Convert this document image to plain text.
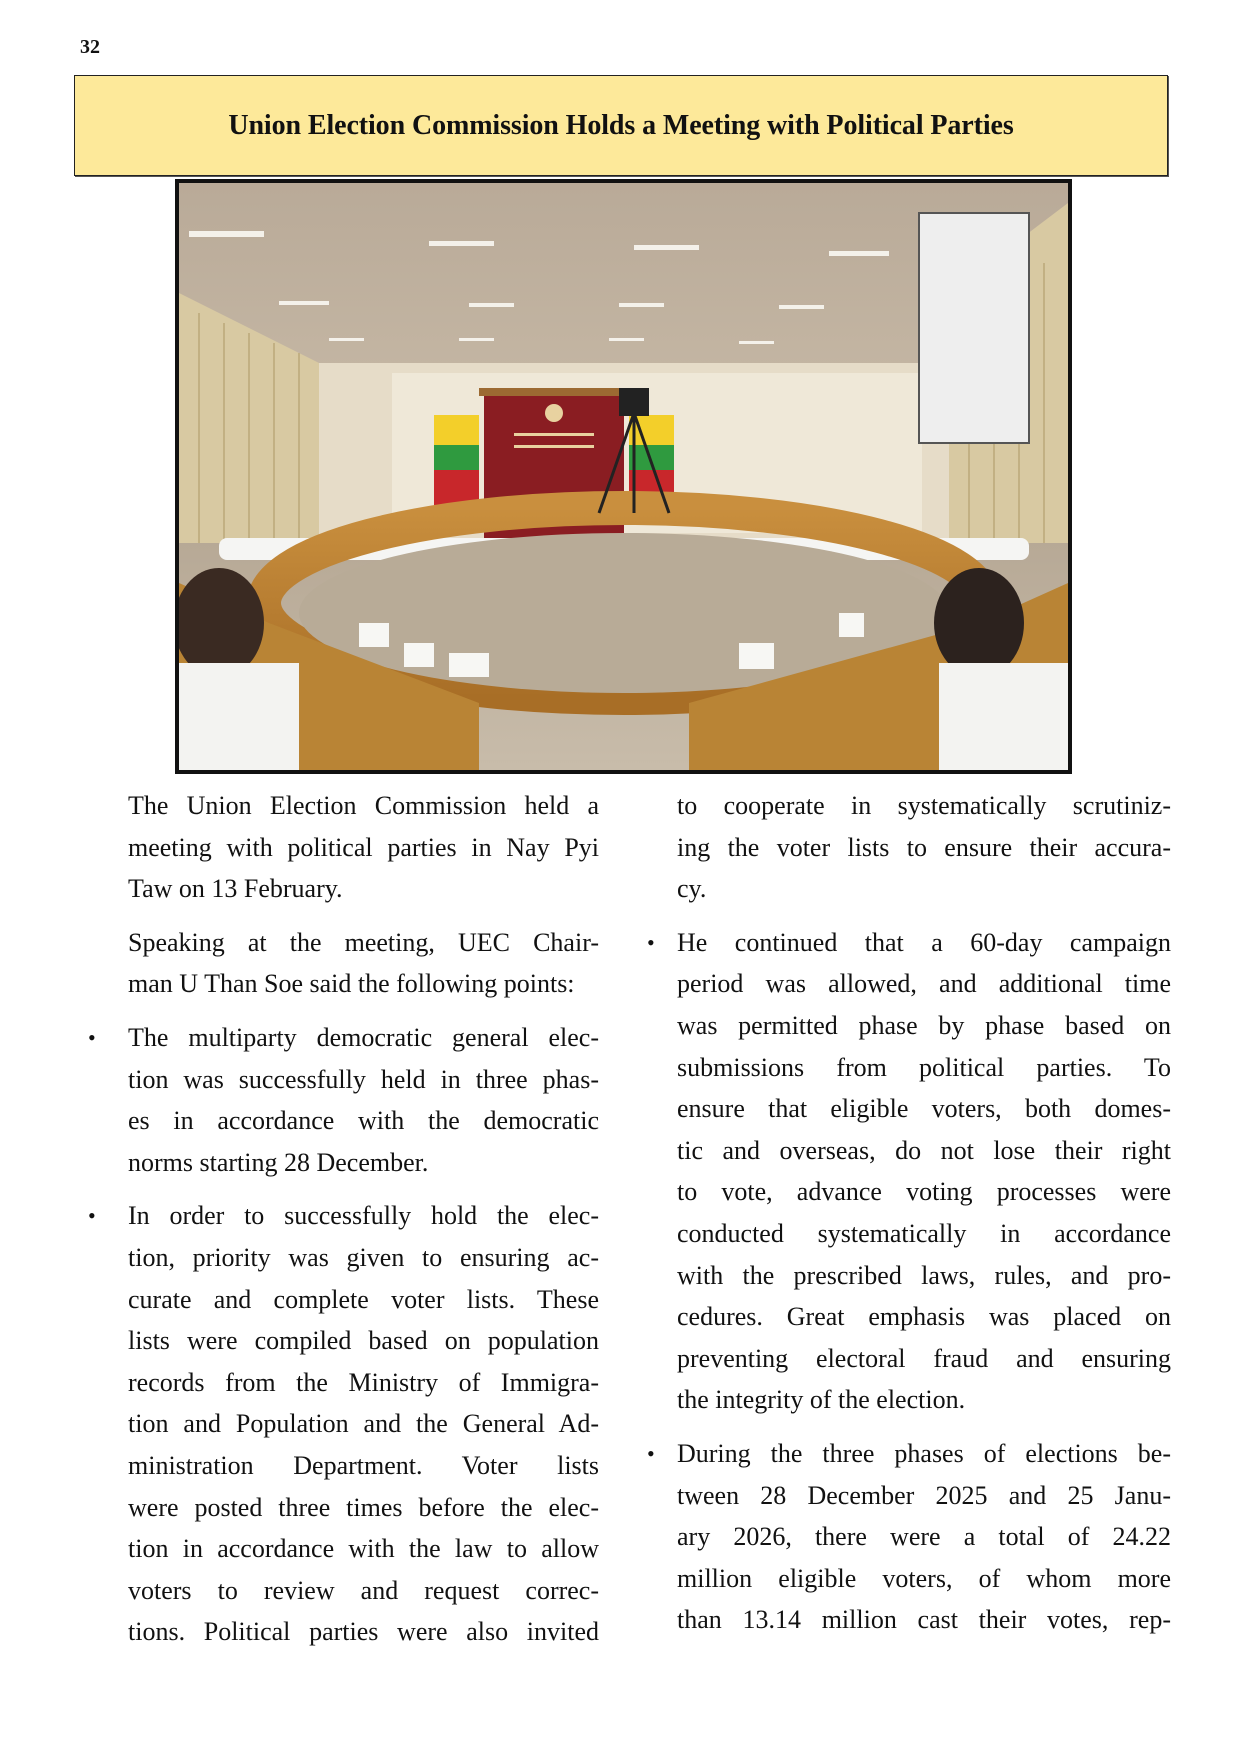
32
Union Election Commission Holds a Meeting with Political Parties
The Union Election Commission held a
meeting with political parties in Nay Pyi
Taw on 13 February.
Speaking at the meeting, UEC Chair-
man U Than Soe said the following points:
• The multiparty democratic general elec-
tion was successfully held in three phas-
es in accordance with the democratic
norms starting 28 December.
• In order to successfully hold the elec-
tion, priority was given to ensuring ac-
curate and complete voter lists. These
lists were compiled based on population
records from the Ministry of Immigra-
tion and Population and the General Ad-
ministration Department. Voter lists
were posted three times before the elec-
tion in accordance with the law to allow
voters to review and request correc-
tions. Political parties were also invited
to cooperate in systematically scrutiniz-
ing the voter lists to ensure their accura-
cy.
• He continued that a 60-day campaign
period was allowed, and additional time
was permitted phase by phase based on
submissions from political parties. To
ensure that eligible voters, both domes-
tic and overseas, do not lose their right
to vote, advance voting processes were
conducted systematically in accordance
with the prescribed laws, rules, and pro-
cedures. Great emphasis was placed on
preventing electoral fraud and ensuring
the integrity of the election.
• During the three phases of elections be-
tween 28 December 2025 and 25 Janu-
ary 2026, there were a total of 24.22
million eligible voters, of whom more
than 13.14 million cast their votes, rep-
